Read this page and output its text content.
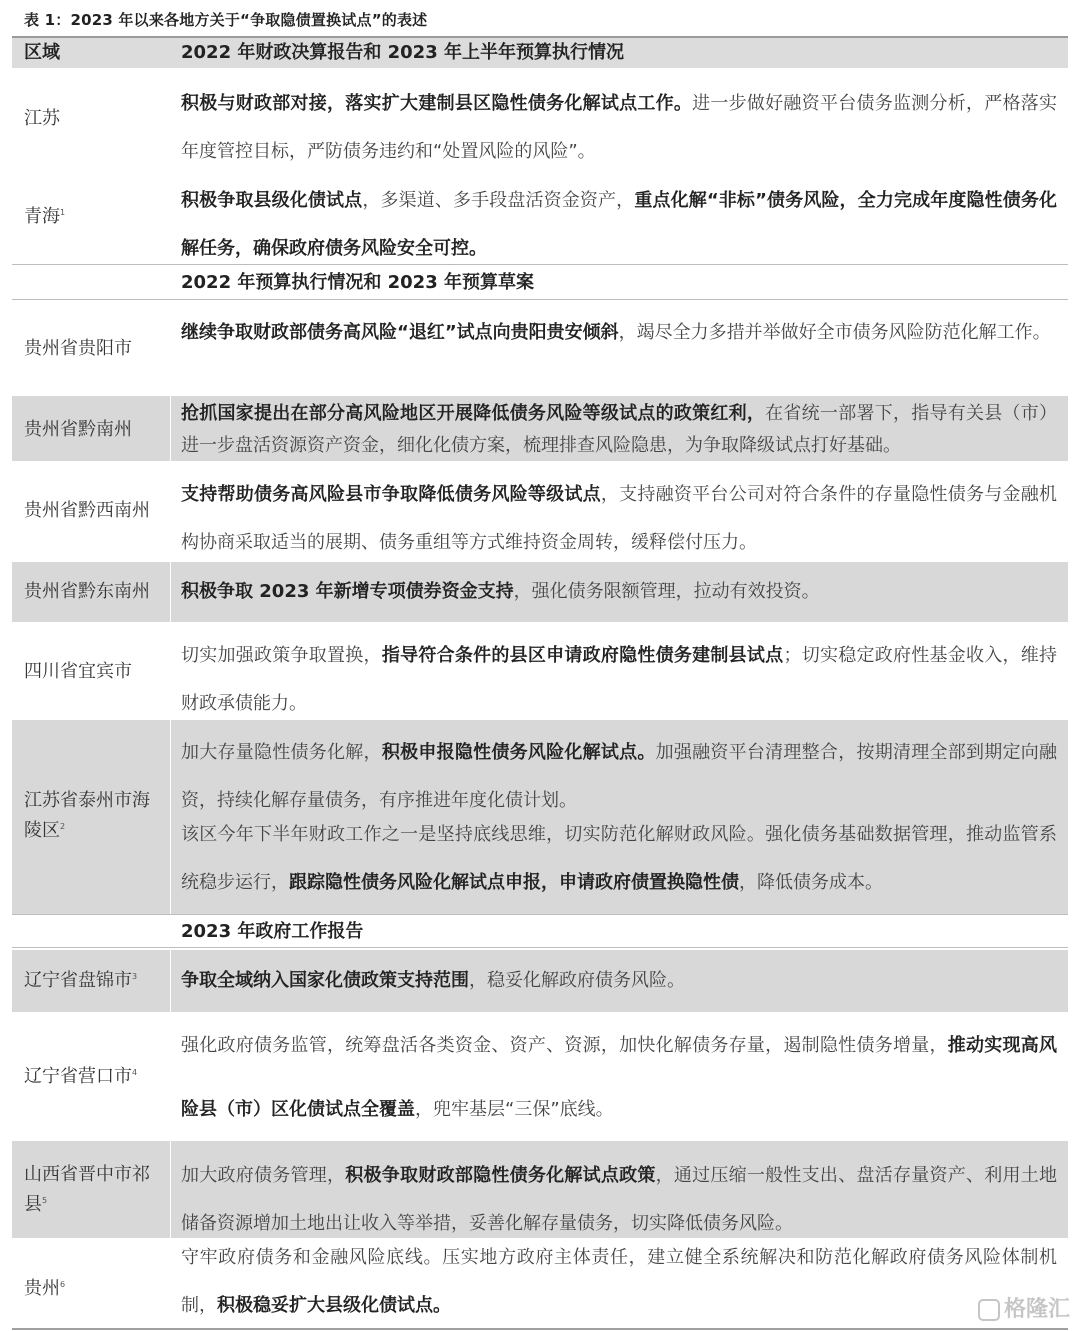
表 1：2023 年以来各地方关于“争取隐债置换试点”的表述
区域	2022 年财政决算报告和 2023 年上半年预算执行情况
2022 年预算执行情况和 2023 年预算草案
2023 年政府工作报告
江苏
青海$^1$
贵州省贵阳市
贵州省黔南州
贵州省黔西南州
贵州省黔东南州
四川省宜宾市
江苏省泰州市海陵区$^2$
辽宁省盘锦市$^3$
辽宁省营口市$^4$
山西省晋中市祁县$^5$
贵州$^6$
积极与财政部对接，落实扩大建制县区隐性债务化解试点工作。进一步做好融资平台债务监测分析，严格落实年度管控目标，严防债务违约和“处置风险的风险”。
积极争取县级化债试点，多渠道、多手段盘活资金资产，重点化解“非标”债务风险，全力完成年度隐性债务化解任务，确保政府债务风险安全可控。
继续争取财政部债务高风险“退红”试点向贵阳贵安倾斜，竭尽全力多措并举做好全市债务风险防范化解工作。
抢抓国家提出在部分高风险地区开展降低债务风险等级试点的政策红利，在省统一部署下，指导有关县（市）进一步盘活资源资产资金，细化化债方案，梳理排查风险隐患，为争取降级试点打好基础。
支持帮助债务高风险县市争取降低债务风险等级试点，支持融资平台公司对符合条件的存量隐性债务与金融机构协商采取适当的展期、债务重组等方式维持资金周转，缓释偿付压力。
积极争取 2023 年新增专项债券资金支持，强化债务限额管理，拉动有效投资。
切实加强政策争取置换，指导符合条件的县区申请政府隐性债务建制县试点；切实稳定政府性基金收入，维持财政承债能力。
加大存量隐性债务化解，积极申报隐性债务风险化解试点。加强融资平台清理整合，按期清理全部到期定向融资，持续化解存量债务，有序推进年度化债计划。
该区今年下半年财政工作之一是坚持底线思维，切实防范化解财政风险。强化债务基础数据管理，推动监管系统稳步运行，跟踪隐性债务风险化解试点申报，申请政府债置换隐性债，降低债务成本。
争取全域纳入国家化债政策支持范围，稳妥化解政府债务风险。
强化政府债务监管，统筹盘活各类资金、资产、资源，加快化解债务存量，遏制隐性债务增量，推动实现高风险县（市）区化债试点全覆盖，兜牢基层“三保”底线。
加大政府债务管理，积极争取财政部隐性债务化解试点政策，通过压缩一般性支出、盘活存量资产、利用土地储备资源增加土地出让收入等举措，妥善化解存量债务，切实降低债务风险。
守牢政府债务和金融风险底线。压实地方政府主体责任，建立健全系统解决和防范化解政府债务风险体制机制，积极稳妥扩大县级化债试点。	格隆汇
